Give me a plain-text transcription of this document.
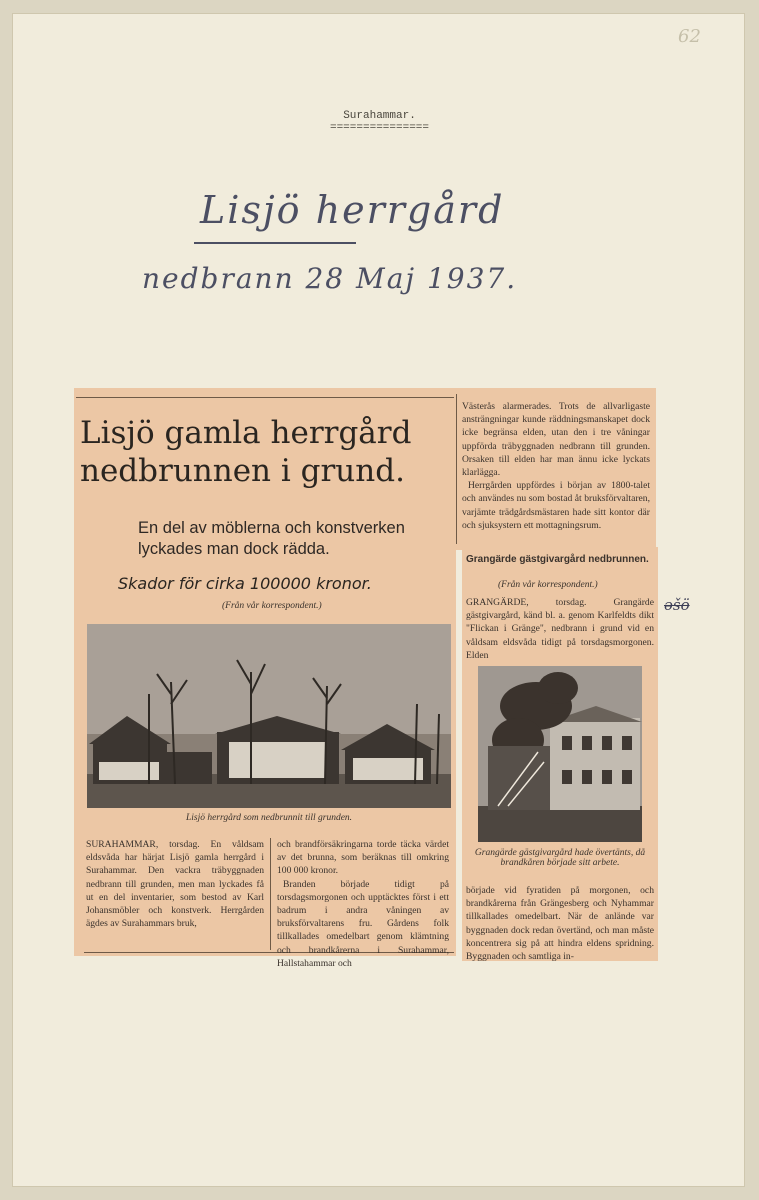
62
Surahammar.
===============
Lisjö herrgård
nedbrann 28 Maj 1937.
Lisjö gamla herrgård nedbrunnen i grund.
En del av möblerna och konstverken lyckades man dock rädda.
Skador för cirka 100000 kronor.
(Från vår korrespondent.)
Lisjö herrgård som nedbrunnit till grunden.

SURAHAMMAR, torsdag. En våldsam eldsvåda har härjat Lisjö gamla herrgård i Surahammar. Den vackra träbyggnaden nedbrann till grunden, men man lyckades få ut en del inventarier, som bestod av Karl Johansmöbler och konstverk. Herrgården ägdes av Surahammars bruk,

och brandförsäkringarna torde täcka värdet av det brunna, som beräknas till omkring 100 000 kronor.

Branden började tidigt på torsdagsmorgonen och upptäcktes först i ett badrum i andra våningen av bruksförvaltarens fru. Gårdens folk tillkallades omedelbart genom klämtning och brandkårerna i Surahammar, Hallstahammar och

Västerås alarmerades. Trots de allvarligaste ansträngningar kunde räddningsmanskapet dock icke begränsa elden, utan den i tre våningar uppförda träbyggnaden nedbrann till grunden. Orsaken till elden har man ännu icke lyckats klarlägga.

Herrgården uppfördes i början av 1800-talet och användes nu som bostad åt bruksförvaltaren, varjämte trädgårdsmästaren hade sitt kontor där och sjuksystern ett mottagningsrum.

Grangärde gästgivargård nedbrunnen.
(Från vår korrespondent.)

GRANGÄRDE, torsdag. Grangärde gästgivargård, känd bl. a. genom Karlfeldts dikt "Flickan i Gränge", nedbrann i grund vid en våldsam eldsvåda tidigt på torsdagsmorgonen. Elden

Grangärde gästgivargård hade övertänts, då brandkåren började sitt arbete.

började vid fyratiden på morgonen, och brandkårerna från Grängesberg och Nyhammar tillkallades omedelbart. När de anlände var byggnaden dock redan övertänd, och man måste koncentrera sig på att hindra eldens spridning. Byggnaden och samtliga in-

ǝšö
